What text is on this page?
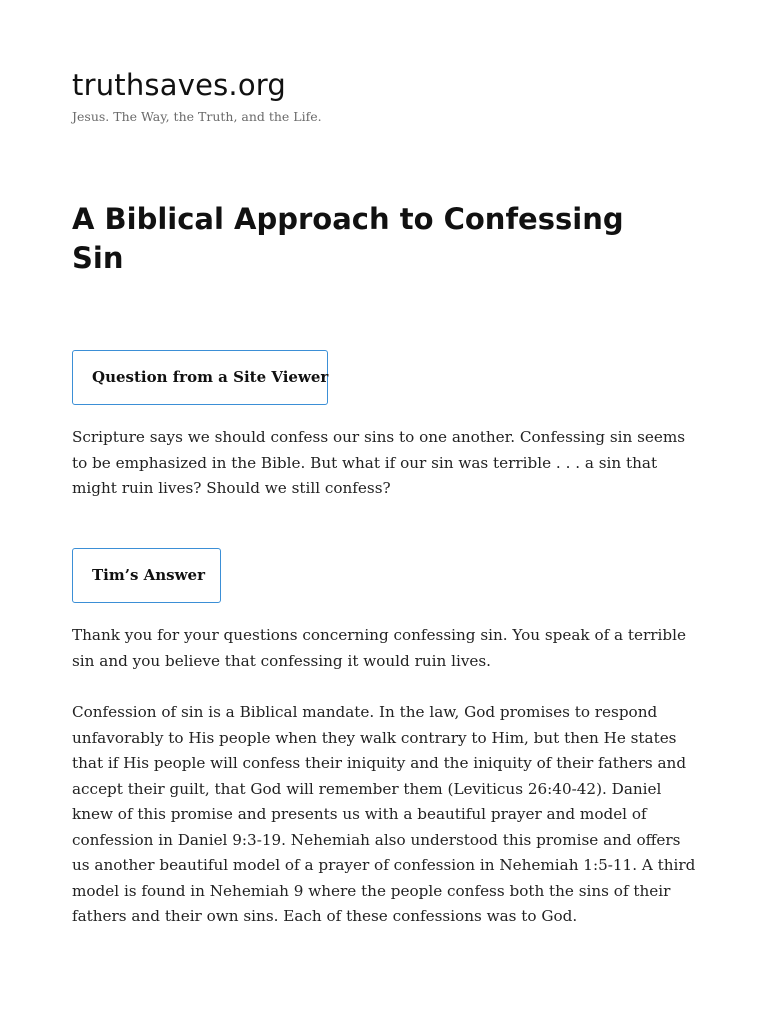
truthsaves.org
Jesus. The Way, the Truth, and the Life.
A Biblical Approach to Confessing Sin
Question from a Site Viewer

Scripture says we should confess our sins to one another. Confessing sin seems to be emphasized in the Bible. But what if our sin was terrible . . . a sin that might ruin lives? Should we still confess?

Tim’s Answer

Thank you for your questions concerning confessing sin. You speak of a terrible sin and you believe that confessing it would ruin lives.

Confession of sin is a Biblical mandate. In the law, God promises to respond unfavorably to His people when they walk contrary to Him, but then He states that if His people will confess their iniquity and the iniquity of their fathers and accept their guilt, that God will remember them (Leviticus 26:40-42). Daniel knew of this promise and presents us with a beautiful prayer and model of confession in Daniel 9:3-19. Nehemiah also understood this promise and offers us another beautiful model of a prayer of confession in Nehemiah 1:5-11. A third model is found in Nehemiah 9 where the people confess both the sins of their fathers and their own sins. Each of these confessions was to God.
